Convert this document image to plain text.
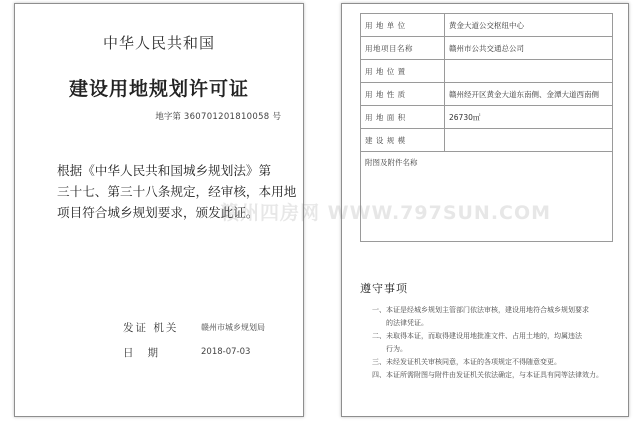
中华人民共和国
建设用地规划许可证
地字第 360701201810058 号
根据《中华人民共和国城乡规划法》第
三十七、第三十八条规定，经审核，本用地
项目符合城乡规划要求，颁发此证。
发证 机关	赣州市城乡规划局
日期	2018-07-03
用 地 单 位	黄金大道公交枢纽中心
用地项目名称	赣州市公共交通总公司
用 地 位 置	
用 地 性 质	赣州经开区黄金大道东南侧、金潭大道西南侧
用 地 面 积	26730㎡
建 设 规 模	
附图及附件名称	
遵守事项
一、本证是经城乡规划主管部门依法审核，建设用地符合城乡规划要求
的法律凭证。
二、未取得本证，而取得建设用地批准文件、占用土地的，均属违法
行为。
三、未经发证机关审核同意，本证的各项规定不得随意变更。
四、本证所需附图与附件由发证机关依法确定，与本证具有同等法律效力。
赣州四房网 WWW.797SUN.COM
